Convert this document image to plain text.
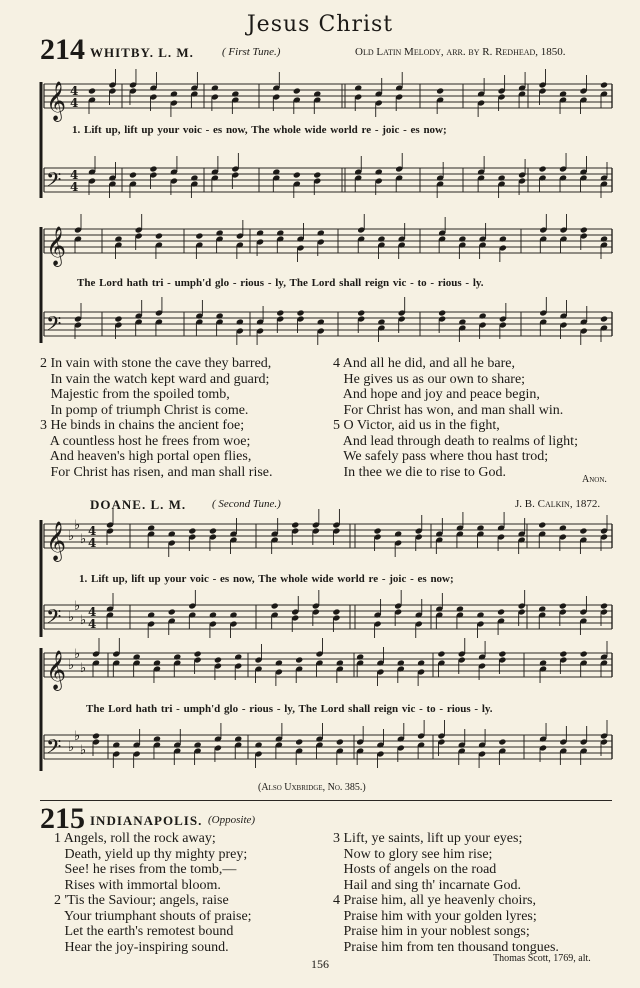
Jesus Christ
214 WHITBY. L. M.	( First Tune.)	Old Latin Melody, arr. by R. Redhead, 1850.
𝄞 4
4
𝄢 4
4
𝄞
𝄢
𝄞 ♭
♭
♭
4
4
𝄢 ♭
♭
♭
4
4
𝄞 ♭
♭
♭
𝄢 ♭
♭
♭
1. Lift up, lift up your voic - es now, The whole wide world re - joic - es now;
The Lord hath tri - umph'd glo - rious - ly, The Lord shall reign vic - to - rious - ly.
2 In vain with stone the cave they barred,
In vain the watch kept ward and guard;
Majestic from the spoiled tomb,
In pomp of triumph Christ is come.
3 He binds in chains the ancient foe;
A countless host he frees from woe;
And heaven's high portal open flies,
For Christ has risen, and man shall rise.
4 And all he did, and all he bare,
He gives us as our own to share;
And hope and joy and peace begin,
For Christ has won, and man shall win.
5 O Victor, aid us in the fight,
And lead through death to realms of light;
We safely pass where thou hast trod;
In thee we die to rise to God.	Anon.
DOANE. L. M. ( Second Tune.)	J. B. Calkin, 1872.
1. Lift up, lift up your voic - es now, The whole wide world re - joic - es now;
The Lord hath tri - umph'd glo - rious - ly, The Lord shall reign vic - to - rious - ly.
(Also Uxbridge, No. 385.)
215 INDIANAPOLIS. (Opposite)
1 Angels, roll the rock away;
Death, yield up thy mighty prey;
See! he rises from the tomb,—
Rises with immortal bloom.
2 'Tis the Saviour; angels, raise
Your triumphant shouts of praise;
Let the earth's remotest bound
Hear the joy-inspiring sound.
3 Lift, ye saints, lift up your eyes;
Now to glory see him rise;
Hosts of angels on the road
Hail and sing th' incarnate God.
4 Praise him, all ye heavenly choirs,
Praise him with your golden lyres;
Praise him in your noblest songs;
Praise him from ten thousand tongues.
Thomas Scott, 1769, alt.
156
